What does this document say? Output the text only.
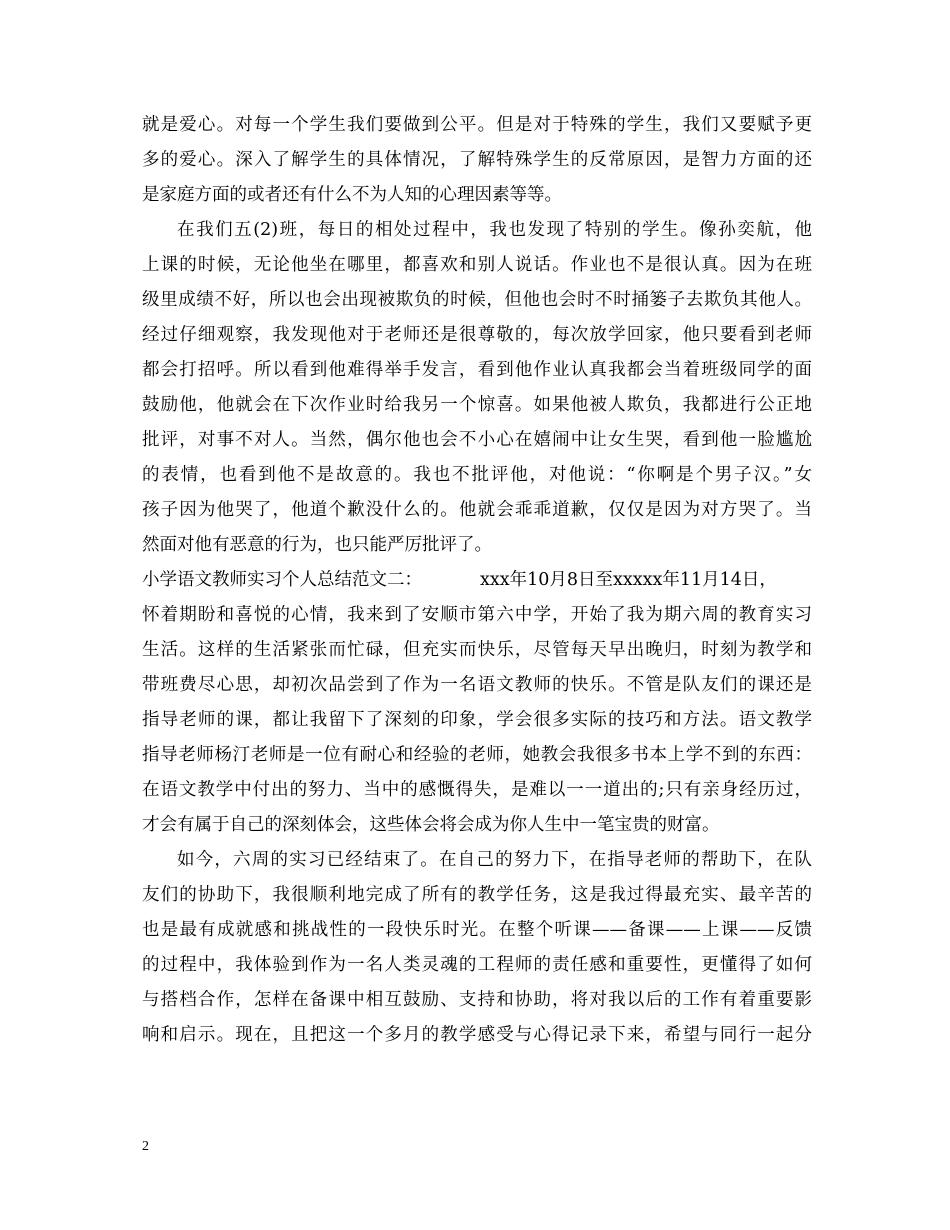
就是爱心。对每一个学生我们要做到公平。但是对于特殊的学生，我们又要赋予更
多的爱心。深入了解学生的具体情况，了解特殊学生的反常原因，是智力方面的还
是家庭方面的或者还有什么不为人知的心理因素等等。
在我们五(2)班，每日的相处过程中，我也发现了特别的学生。像孙奕航，他
上课的时候，无论他坐在哪里，都喜欢和别人说话。作业也不是很认真。因为在班
级里成绩不好，所以也会出现被欺负的时候，但他也会时不时捅篓子去欺负其他人。
经过仔细观察，我发现他对于老师还是很尊敬的，每次放学回家，他只要看到老师
都会打招呼。所以看到他难得举手发言，看到他作业认真我都会当着班级同学的面
鼓励他，他就会在下次作业时给我另一个惊喜。如果他被人欺负，我都进行公正地
批评，对事不对人。当然，偶尔他也会不小心在嬉闹中让女生哭，看到他一脸尴尬
的表情，也看到他不是故意的。我也不批评他，对他说：“你啊是个男子汉。”女
孩子因为他哭了，他道个歉没什么的。他就会乖乖道歉，仅仅是因为对方哭了。当
然面对他有恶意的行为，也只能严厉批评了。
小学语文教师实习个人总结范文二：	xxx年10月8日至xxxxx年11月14日，
怀着期盼和喜悦的心情，我来到了安顺市第六中学，开始了我为期六周的教育实习
生活。这样的生活紧张而忙碌，但充实而快乐，尽管每天早出晚归，时刻为教学和
带班费尽心思，却初次品尝到了作为一名语文教师的快乐。不管是队友们的课还是
指导老师的课，都让我留下了深刻的印象，学会很多实际的技巧和方法。语文教学
指导老师杨汀老师是一位有耐心和经验的老师，她教会我很多书本上学不到的东西：
在语文教学中付出的努力、当中的感慨得失，是难以一一道出的;只有亲身经历过，
才会有属于自己的深刻体会，这些体会将会成为你人生中一笔宝贵的财富。
如今，六周的实习已经结束了。在自己的努力下，在指导老师的帮助下，在队
友们的协助下，我很顺利地完成了所有的教学任务，这是我过得最充实、最辛苦的
也是最有成就感和挑战性的一段快乐时光。在整个听课——备课——上课——反馈
的过程中，我体验到作为一名人类灵魂的工程师的责任感和重要性，更懂得了如何
与搭档合作，怎样在备课中相互鼓励、支持和协助，将对我以后的工作有着重要影
响和启示。现在，且把这一个多月的教学感受与心得记录下来，希望与同行一起分
2
